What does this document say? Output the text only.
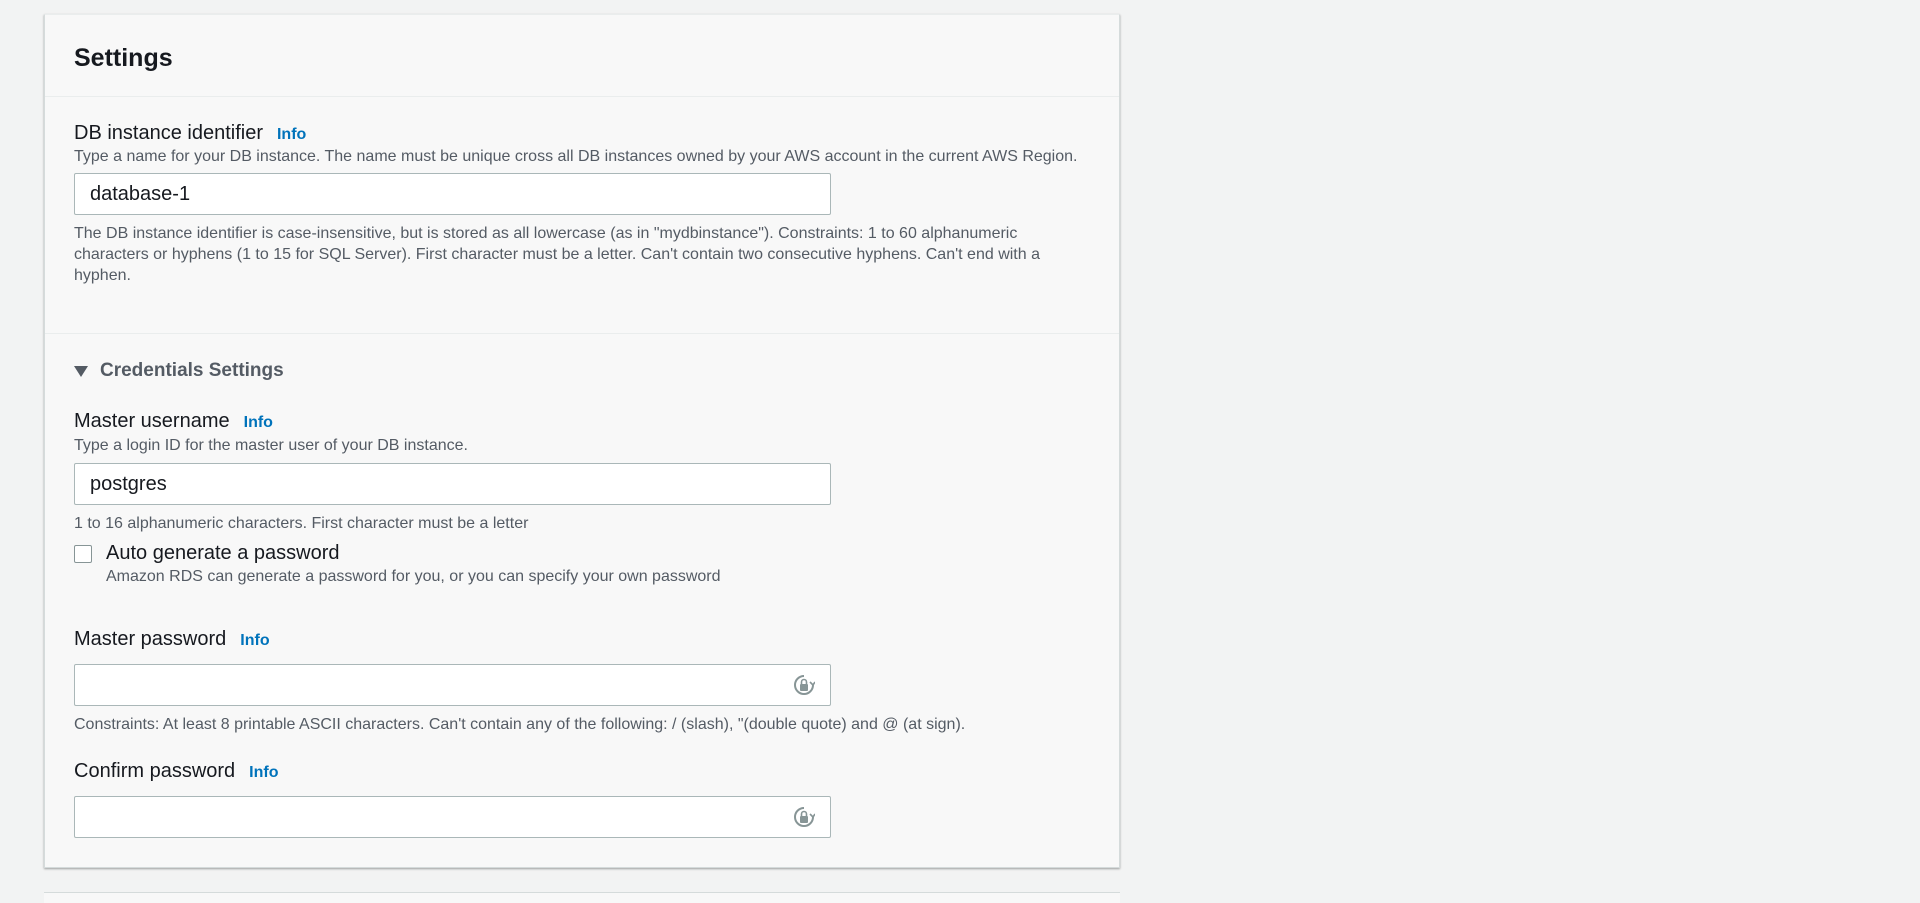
Settings
DB instance identifier Info
Type a name for your DB instance. The name must be unique cross all DB instances owned by your AWS account in the current AWS Region.
database-1
The DB instance identifier is case-insensitive, but is stored as all lowercase (as in "mydbinstance"). Constraints: 1 to 60 alphanumeric characters or hyphens (1 to 15 for SQL Server). First character must be a letter. Can't contain two consecutive hyphens. Can't end with a hyphen.
Credentials Settings
Master username Info
Type a login ID for the master user of your DB instance.
postgres
1 to 16 alphanumeric characters. First character must be a letter
Auto generate a password
Amazon RDS can generate a password for you, or you can specify your own password
Master password Info
Constraints: At least 8 printable ASCII characters. Can't contain any of the following: / (slash), "(double quote) and @ (at sign).
Confirm password Info
